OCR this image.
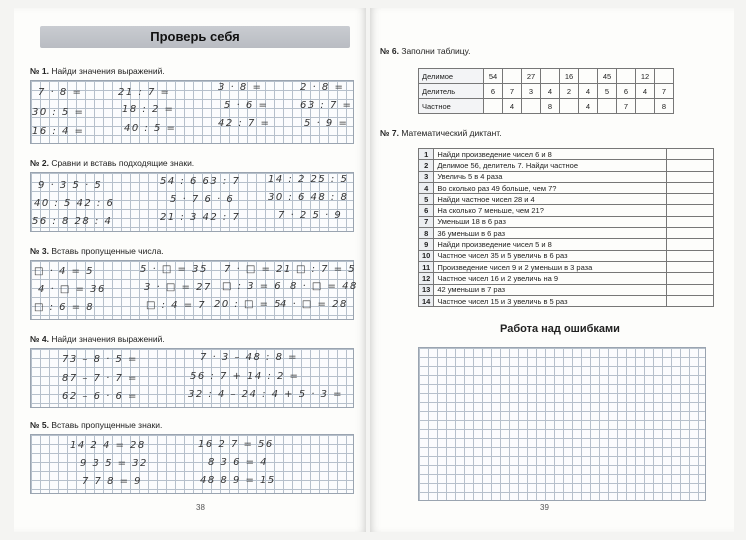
Проверь себя
№ 1. Найди значения выражений.
7 · 8 =	21 : 7 =	3 · 8 =	2 · 8 =
30 : 5 =	18 : 2 =	5 · 6 =	63 : 7 =
16 : 4 =	40 : 5 =	42 : 7 =	5 · 9 =
№ 2. Сравни и вставь подходящие знаки.
9 · 3 5 · 5	54 : 6 63 : 7	14 : 2 25 : 5
40 : 5 42 : 6	5 · 7 6 · 6	30 : 6 48 : 8
56 : 8 28 : 4	21 : 3 42 : 7	7 · 2 5 · 9
№ 3. Вставь пропущенные числа.
□ · 4 = 5	5 · □ = 35 7 · □ = 21 □ : 7 = 5
4 · □ = 36	3 · □ = 27 □ : 3 = 6 8 · □ = 48
□ : 6 = 8	□ : 4 = 7 20 : □ = 5
4 · □ = 28
№ 4. Найди значения выражений.
73 – 8 · 5 =	7 · 3 – 48 : 8 =
87 – 7 · 7 =	56 : 7 + 14 : 2 =
62 – 6 · 6 =	32 : 4 – 24 : 4 + 5 · 3 =
№ 5. Вставь пропущенные знаки.
14 2 4 = 28	16 2 7 = 56
9 3 5 = 32	8 3 6 = 4
7 7 8 = 9	48 8 9 = 15
38
№ 6. Заполни таблицу.
Делимое	54		27		16		45		12	
Делитель	6	7	3	4	2	4	5	6	4	7
Частное		4		8		4		7		8
№ 7. Математический диктант.
1	Найди произведение чисел 6 и 8	
2	Делимое 56, делитель 7. Найди частное	
3	Увеличь 5 в 4 раза	
4	Во сколько раз 49 больше, чем 7?	
5	Найди частное чисел 28 и 4	
6	На сколько 7 меньше, чем 21?	
7	Уменьши 18 в 6 раз	
8	36 уменьши в 6 раз	
9	Найди произведение чисел 5 и 8	
10	Частное чисел 35 и 5 увеличь в 6 раз	
11	Произведение чисел 9 и 2 уменьши в 3 раза	
12	Частное чисел 16 и 2 увеличь на 9	
13	42 уменьши в 7 раз	
14	Частное чисел 15 и 3 увеличь в 5 раз	
Работа над ошибками
39
